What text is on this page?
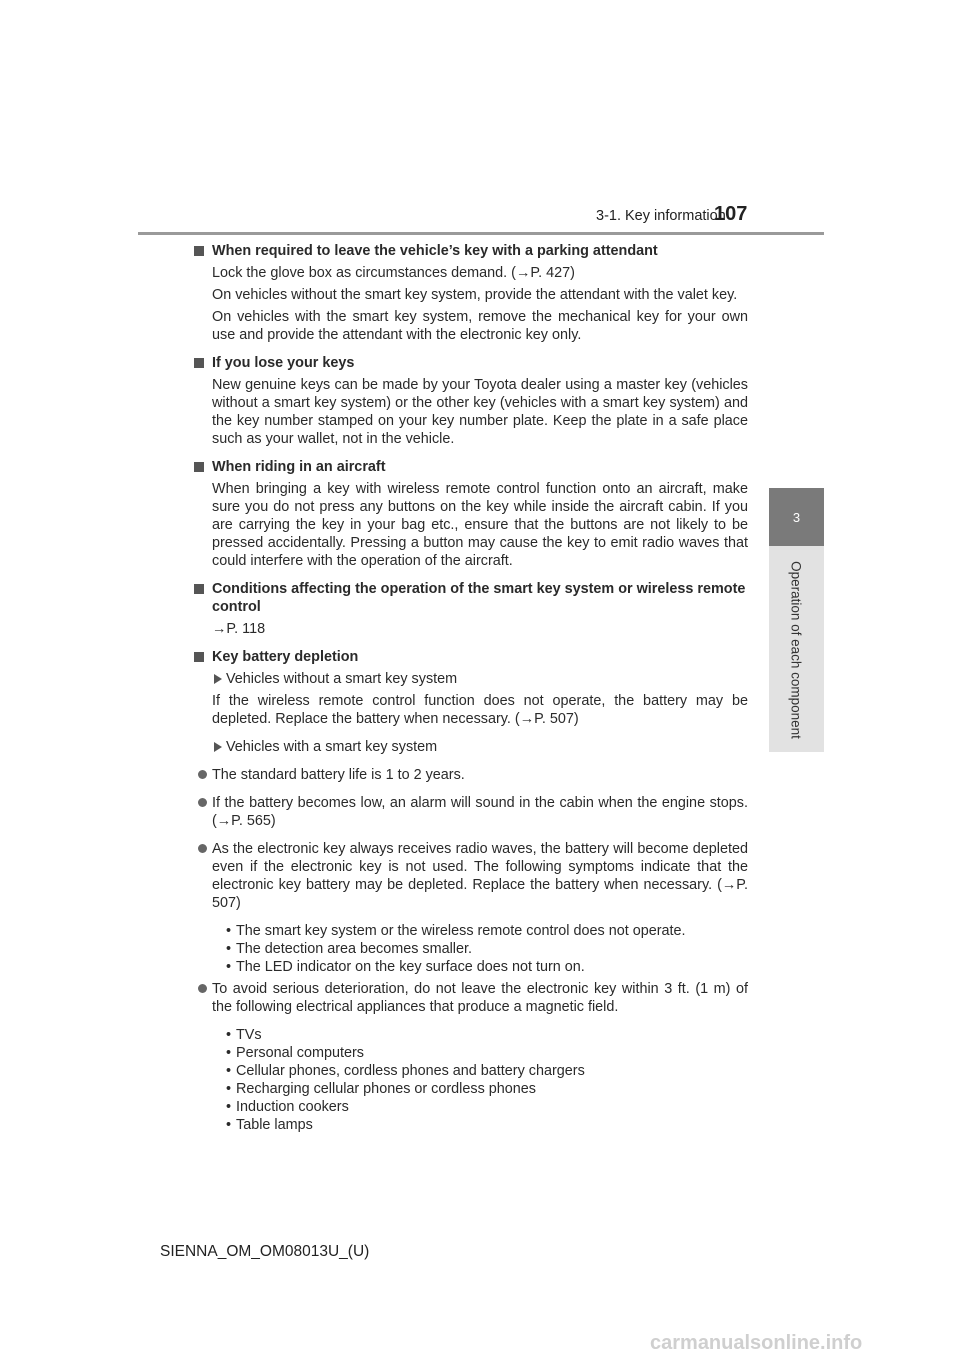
3-1. Key information
107
3
Operation of each component
When required to leave the vehicle’s key with a parking attendant
Lock the glove box as circumstances demand. (→P. 427)
On vehicles without the smart key system, provide the attendant with the valet key.
On vehicles with the smart key system, remove the mechanical key for your own use and provide the attendant with the electronic key only.
If you lose your keys
New genuine keys can be made by your Toyota dealer using a master key (vehicles without a smart key system) or the other key (vehicles with a smart key system) and the key number stamped on your key number plate. Keep the plate in a safe place such as your wallet, not in the vehicle.
When riding in an aircraft
When bringing a key with wireless remote control function onto an aircraft, make sure you do not press any buttons on the key while inside the aircraft cabin. If you are carrying the key in your bag etc., ensure that the buttons are not likely to be pressed accidentally. Pressing a button may cause the key to emit radio waves that could interfere with the operation of the aircraft.
Conditions affecting the operation of the smart key system or wireless remote control
→P. 118
Key battery depletion
Vehicles without a smart key system
If the wireless remote control function does not operate, the battery may be depleted. Replace the battery when necessary. (→P. 507)
Vehicles with a smart key system
The standard battery life is 1 to 2 years.
If the battery becomes low, an alarm will sound in the cabin when the engine stops. (→P. 565)
As the electronic key always receives radio waves, the battery will become depleted even if the electronic key is not used. The following symptoms indicate that the electronic key battery may be depleted. Replace the battery when necessary. (→P. 507)
• The smart key system or the wireless remote control does not operate.
• The detection area becomes smaller.
• The LED indicator on the key surface does not turn on.
To avoid serious deterioration, do not leave the electronic key within 3 ft. (1 m) of the following electrical appliances that produce a magnetic field.
• TVs
• Personal computers
• Cellular phones, cordless phones and battery chargers
• Recharging cellular phones or cordless phones
• Induction cookers
• Table lamps
SIENNA_OM_OM08013U_(U)
carmanualsonline.info
